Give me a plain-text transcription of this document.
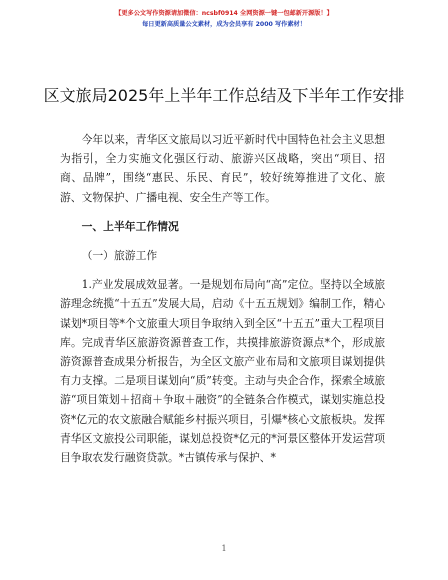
【更多公文写作资源请加微信：ncsbf0914 全网资源一键一包邮新开源版！】
每日更新高质量公文素材，成为会员享有 2000 写作素材！
区文旅局2025年上半年工作总结及下半年工作安排

今年以来，青华区文旅局以习近平新时代中国特色社会主义思想为指引，全力实施文化强区行动、旅游兴区战略，突出“项目、招商、品牌”，围绕“惠民、乐民、育民”，较好统筹推进了文化、旅游、文物保护、广播电视、安全生产等工作。

一、上半年工作情况

（一）旅游工作

1.产业发展成效显著。一是规划布局向“高”定位。坚持以全域旅游理念统揽“十五五”发展大局，启动《十五五规划》编制工作，精心谋划*项目等*个文旅重大项目争取纳入到全区“十五五”重大工程项目库。完成青华区旅游资源普查工作，共摸排旅游资源点*个，形成旅游资源普查成果分析报告，为全区文旅产业布局和文旅项目谋划提供有力支撑。二是项目谋划向“质”转变。主动与央企合作，探索全域旅游“项目策划＋招商＋争取＋融资”的全链条合作模式，谋划实施总投资*亿元的农文旅融合赋能乡村振兴项目，引爆*核心文旅板块。发挥青华区文旅投公司职能，谋划总投资*亿元的*河景区整体开发运营项目争取农发行融资贷款。*古镇传承与保护、*

1
